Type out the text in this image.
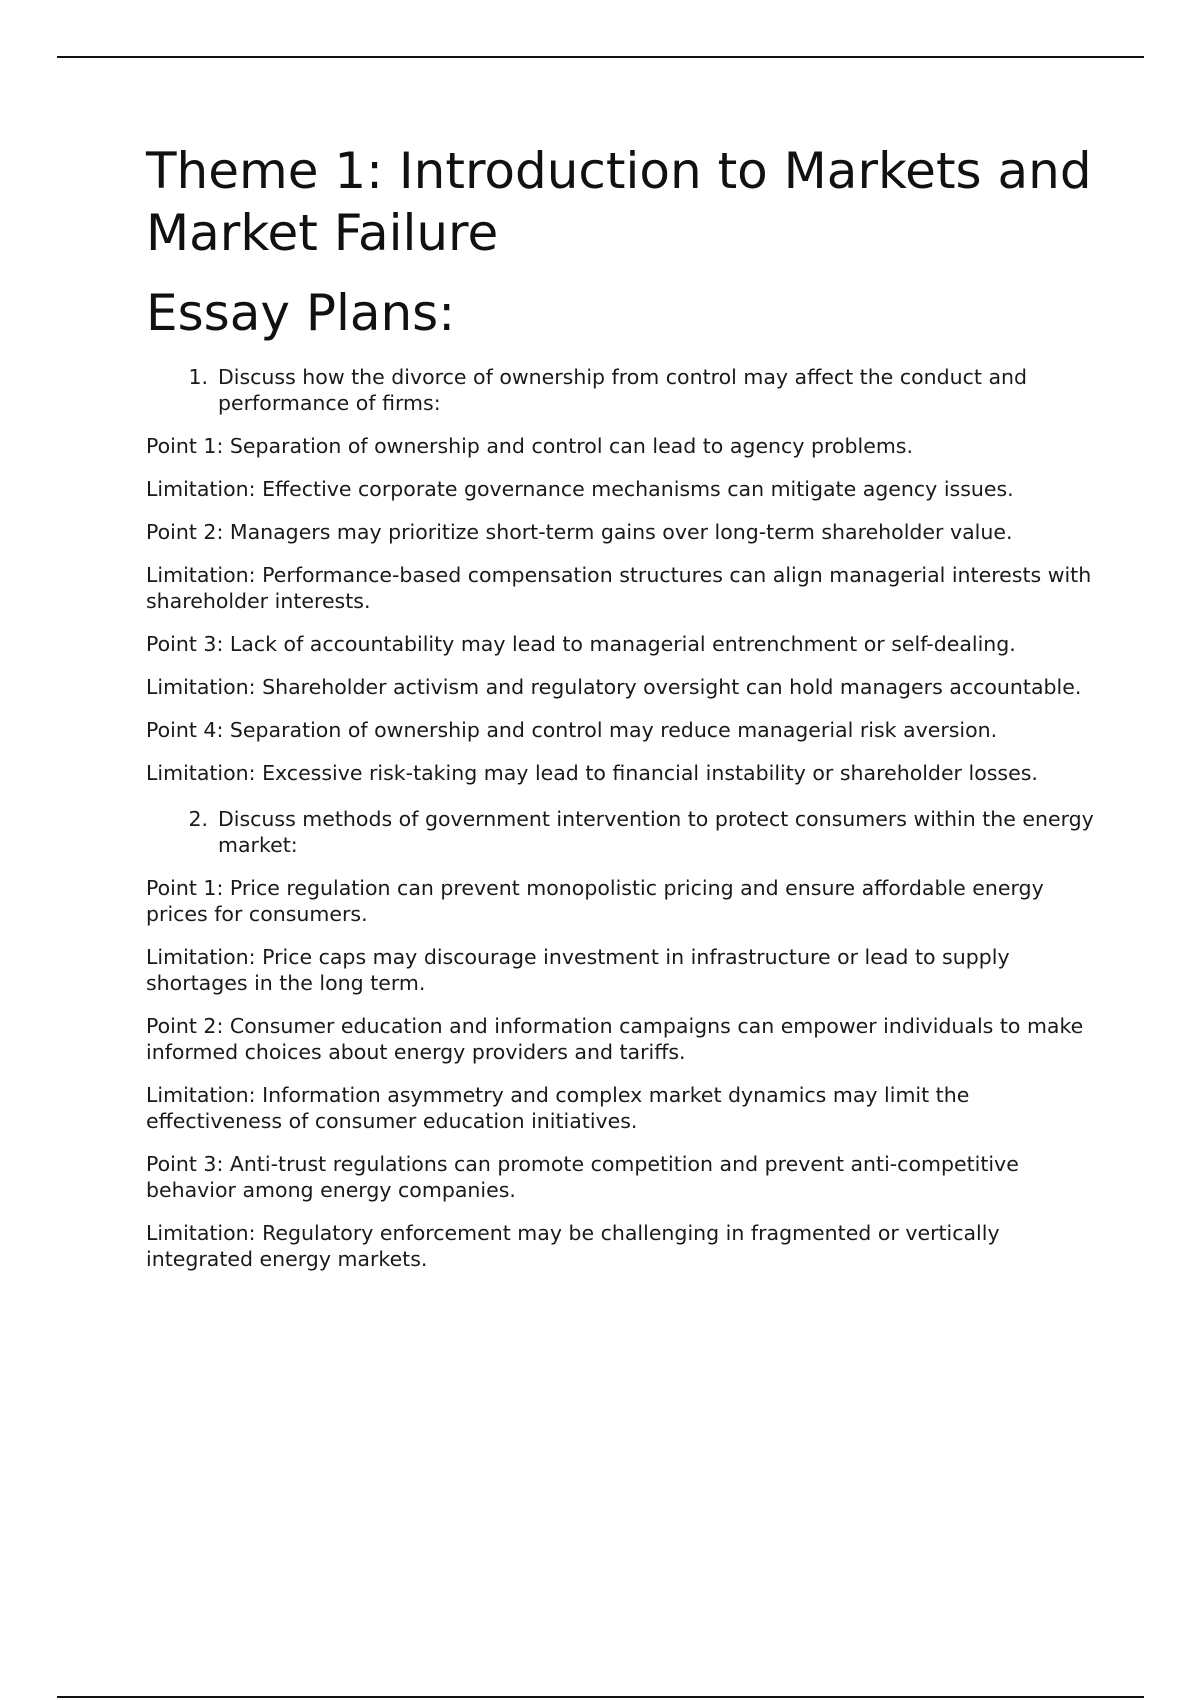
Theme 1: Introduction to Markets and Market Failure
Essay Plans:
1. Discuss how the divorce of ownership from control may affect the conduct and performance of firms:

Point 1: Separation of ownership and control can lead to agency problems.

Limitation: Effective corporate governance mechanisms can mitigate agency issues.

Point 2: Managers may prioritize short-term gains over long-term shareholder value.

Limitation: Performance-based compensation structures can align managerial interests with shareholder interests.

Point 3: Lack of accountability may lead to managerial entrenchment or self-dealing.

Limitation: Shareholder activism and regulatory oversight can hold managers accountable.

Point 4: Separation of ownership and control may reduce managerial risk aversion.

Limitation: Excessive risk-taking may lead to financial instability or shareholder losses.

2. Discuss methods of government intervention to protect consumers within the energy market:

Point 1: Price regulation can prevent monopolistic pricing and ensure affordable energy prices for consumers.

Limitation: Price caps may discourage investment in infrastructure or lead to supply shortages in the long term.

Point 2: Consumer education and information campaigns can empower individuals to make informed choices about energy providers and tariffs.

Limitation: Information asymmetry and complex market dynamics may limit the effectiveness of consumer education initiatives.

Point 3: Anti-trust regulations can promote competition and prevent anti-competitive behavior among energy companies.

Limitation: Regulatory enforcement may be challenging in fragmented or vertically integrated energy markets.
